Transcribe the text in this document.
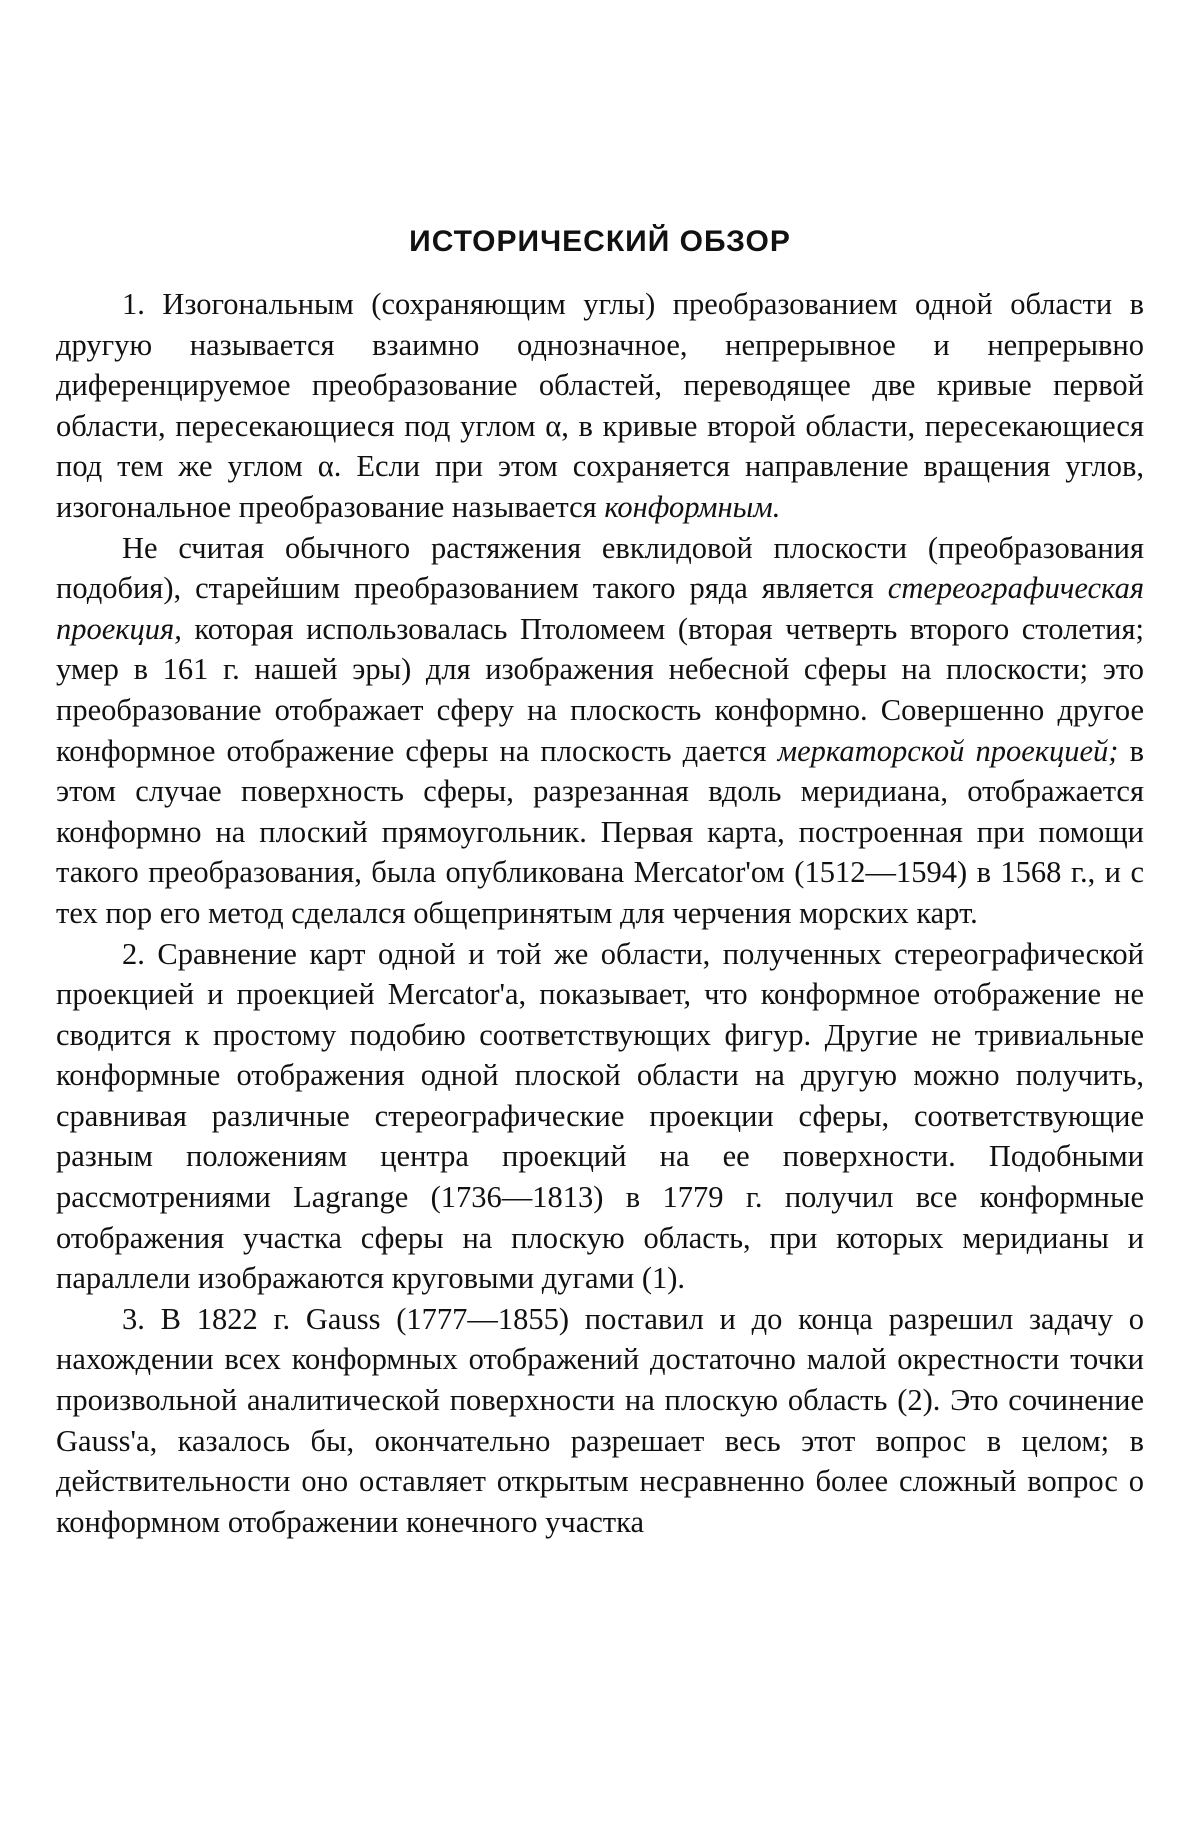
ИСТОРИЧЕСКИЙ ОБЗОР

1. Изогональным (сохраняющим углы) преобразованием одной области в другую называется взаимно однозначное, непрерывное и непрерывно диференцируемое преобразование областей, переводящее две кривые первой области, пересекающиеся под углом α, в кривые второй области, пересекающиеся под тем же углом α. Если при этом сохраняется направление вращения углов, изогональное преобразование называется конформным.

Не считая обычного растяжения евклидовой плоскости (преобразования подобия), старейшим преобразованием такого ряда является стереографическая проекция, которая использовалась Птоломеем (вторая четверть второго столетия; умер в 161 г. нашей эры) для изображения небесной сферы на плоскости; это преобразование отображает сферу на плоскость конформно. Совершенно другое конформное отображение сферы на плоскость дается меркаторской проекцией; в этом случае поверхность сферы, разрезанная вдоль меридиана, отображается конформно на плоский прямоугольник. Первая карта, построенная при помощи такого преобразования, была опубликована Mercator'ом (1512—1594) в 1568 г., и с тех пор его метод сделался общепринятым для черчения морских карт.

2. Сравнение карт одной и той же области, полученных стереографической проекцией и проекцией Mercator'а, показывает, что конформное отображение не сводится к простому подобию соответствующих фигур. Другие не тривиальные конформные отображения одной плоской области на другую можно получить, сравнивая различные стереографические проекции сферы, соответствующие разным положениям центра проекций на ее поверхности. Подобными рассмотрениями Lagrange (1736—1813) в 1779 г. получил все конформные отображения участка сферы на плоскую область, при которых меридианы и параллели изображаются круговыми дугами (1).

3. В 1822 г. Gauss (1777—1855) поставил и до конца разрешил задачу о нахождении всех конформных отображений достаточно малой окрестности точки произвольной аналитической поверхности на плоскую область (2). Это сочинение Gauss'а, казалось бы, окончательно разрешает весь этот вопрос в целом; в действительности оно оставляет открытым несравненно более сложный вопрос о конформном отображении конечного участка
